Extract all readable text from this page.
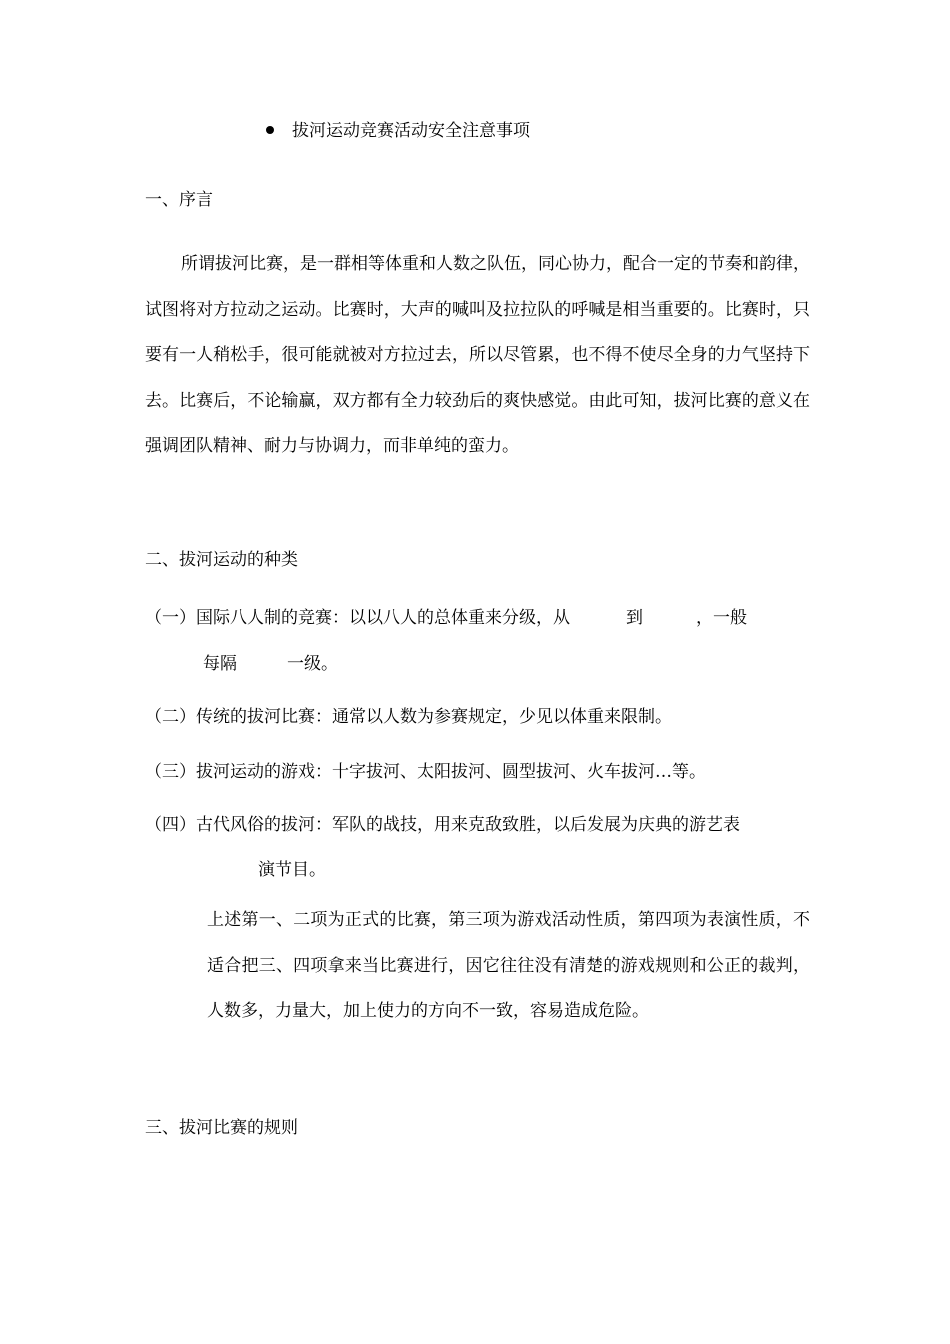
拔河运动竞赛活动安全注意事项
一、序言
所谓拔河比赛，是一群相等体重和人数之队伍，同心协力，配合一定的节奏和韵律，试图将对方拉动之运动。比赛时，大声的喊叫及拉拉队的呼喊是相当重要的。比赛时，只要有一人稍松手，很可能就被对方拉过去，所以尽管累，也不得不使尽全身的力气坚持下去。比赛后，不论输赢，双方都有全力较劲后的爽快感觉。由此可知，拔河比赛的意义在强调团队精神、耐力与协调力，而非单纯的蛮力。
二、拔河运动的种类
（一）国际八人制的竞赛：以以八人的总体重来分级，从	到	，一般
每隔	一级。
（二）传统的拔河比赛：通常以人数为参赛规定，少见以体重来限制。
（三）拔河运动的游戏：十字拔河、太阳拔河、圆型拔河、火车拔河…等。
（四）古代风俗的拔河：军队的战技，用来克敌致胜，以后发展为庆典的游艺表
演节目。
上述第一、二项为正式的比赛，第三项为游戏活动性质，第四项为表演性质，不适合把三、四项拿来当比赛进行，因它往往没有清楚的游戏规则和公正的裁判，人数多，力量大，加上使力的方向不一致，容易造成危险。
三、拔河比赛的规则
